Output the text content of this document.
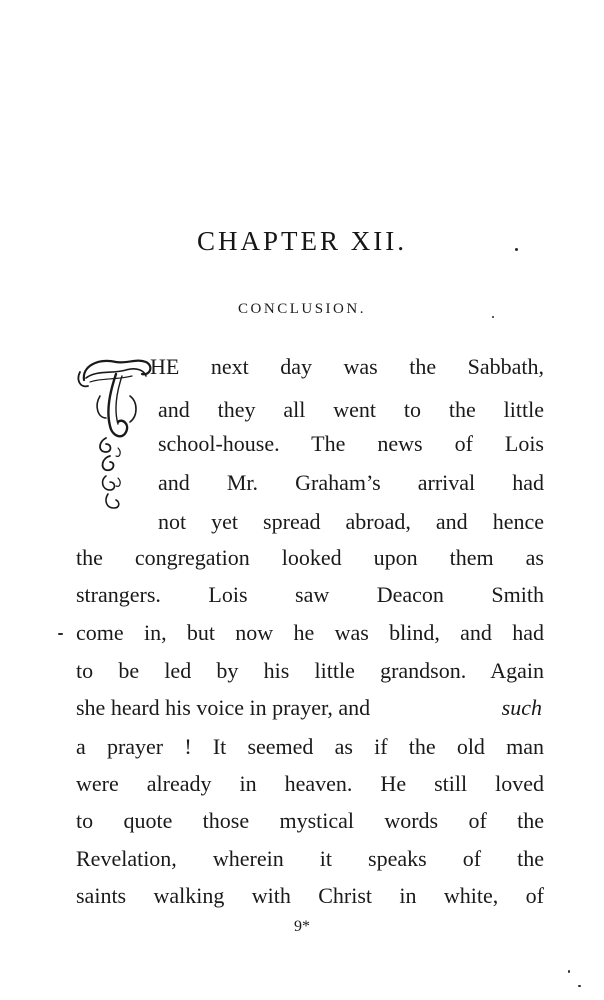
CHAPTER XII.
CONCLUSION.
HE next day was the Sabbath,
and they all went to the little
school-house. The news of Lois
and Mr. Graham’s arrival had
not yet spread abroad, and hence
the congregation looked upon them as
strangers. Lois saw Deacon Smith
come in, but now he was blind, and had
to be led by his little grandson. Again
she heard his voice in prayer, and	such
a prayer ! It seemed as if the old man
were already in heaven. He still loved
to quote those mystical words of the
Revelation, wherein it speaks of the
saints walking with Christ in white, of
9*
